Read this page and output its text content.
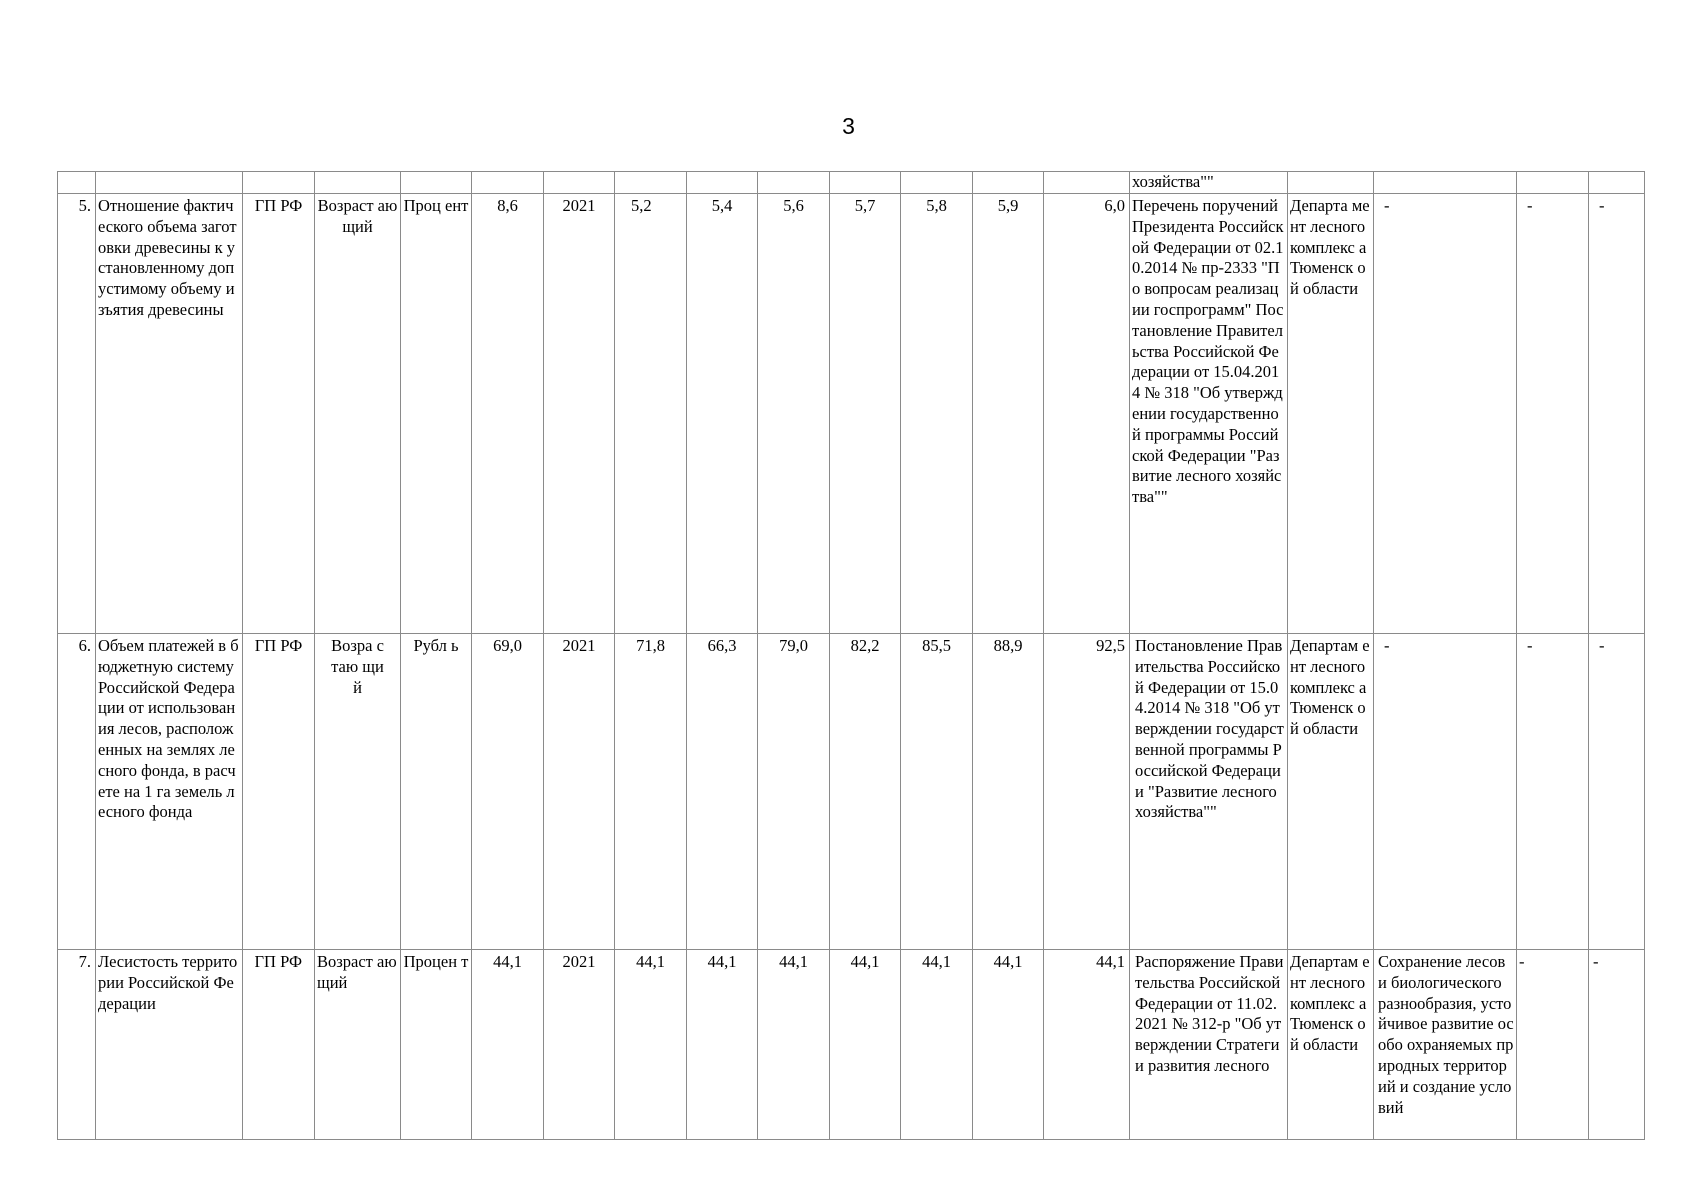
3
														хозяйства""				
5.	Отношение фактического объема заготовки древесины к установленному допустимому объему изъятия древесины	ГП РФ	Возраст ающий	Проц ент	8,6	2021	5,2	5,4	5,6	5,7	5,8	5,9	6,0	Перечень поручений Президента Российской Федерации от 02.10.2014 № пр-2333 "По вопросам реализации госпрограмм" Постановление Правительства Российской Федерации от 15.04.2014 № 318 "Об утверждении государственной программы Российской Федерации "Развитие лесного хозяйства""	Департа мент лесного комплекс а Тюменск ой области	-	-	-
6.	Объем платежей в бюджетную систему Российской Федерации от использования лесов, расположенных на землях лесного фонда, в расчете на 1 га земель лесного фонда	ГП РФ	Возра стаю щий	Рубл ь	69,0	2021	71,8	66,3	79,0	82,2	85,5	88,9	92,5	Постановление Правительства Российской Федерации от 15.04.2014 № 318 "Об утверждении государственной программы Российской Федерации "Развитие лесного хозяйства""	Департам ент лесного комплекс а Тюменск ой области	-	-	-
7.	Лесистость территории Российской Федерации	ГП РФ	Возраст ающий	Процен т	44,1	2021	44,1	44,1	44,1	44,1	44,1	44,1	44,1	Распоряжение Правительства Российской Федерации от 11.02.2021 № 312-р "Об утверждении Стратегии развития лесного	Департам ент лесного комплекс а Тюменск ой области	Сохранение лесов и биологического разнообразия, устойчивое развитие особо охраняемых природных территорий и создание условий	-	-
